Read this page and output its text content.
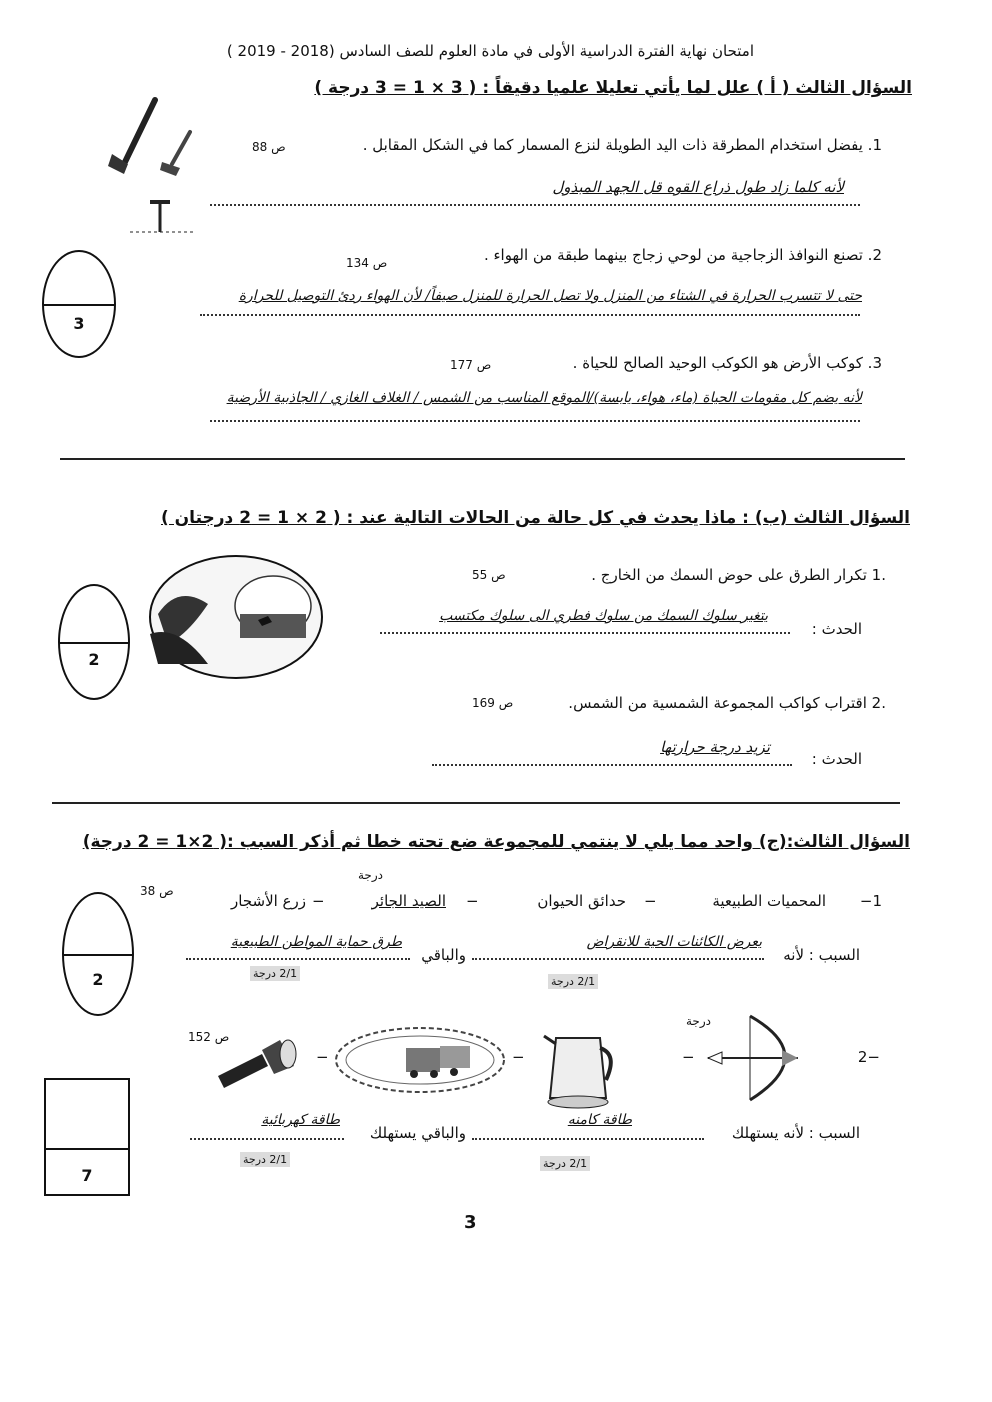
امتحان نهاية الفترة الدراسية الأولى في مادة العلوم للصف السادس (2018 - 2019 )
السؤال الثالث ( أ ) علل لما يأتي تعليلا علميا دقيقاً : ( 3 × 1 = 3 درجة )
1. يفضل استخدام المطرقة ذات اليد الطويلة لنزع المسمار كما في الشكل المقابل .
ص 88
لأنه كلما زاد طول ذراع القوه قل الجهد المبذول
2. تصنع النوافذ الزجاجية من لوحي زجاج بينهما طبقة من الهواء .
ص 134
حتى لا تتسرب الحرارة في الشتاء من المنزل ولا تصل الحرارة للمنزل صيفاً/ لأن الهواء ردئ التوصيل للحرارة
3
3. كوكب الأرض هو الكوكب الوحيد الصالح للحياة .
ص 177
لأنه يضم كل مقومات الحياة (ماء، هواء، يابسة)/الموقع المناسب من الشمس / الغلاف الغازي / الجاذبية الأرضية
السؤال الثالث (ب) : ماذا يحدث في كل حالة من الحالات التالية عند : ( 2 × 1 = 2 درجتان )
.1 تكرار الطرق على حوض السمك من الخارج .
ص 55
الحدث :
يتغير سلوك السمك من سلوك فطري الى سلوك مكتسب
2
.2 اقتراب كواكب المجموعة الشمسية من الشمس.
ص 169
الحدث :
تزيد درجة حرارتها
السؤال الثالث:(ج) واحد مما يلي لا ينتمي للمجموعة ضع تحته خطا ثم أذكر السبب :( 2×1 = 2 درجة)
درجة
1−
المحميات الطبيعية
−
حدائق الحيوان
−
الصيد الجائر
−
زرع الأشجار
ص 38
السبب : لأنه
يعرض الكائنات الحية للانقراض
والباقي
طرق حماية المواطن الطبيعية
2/1 درجة
2/1 درجة
2
درجة
−2
−
−
−
ص 152
السبب : لأنه يستهلك
طاقة كامنه
والباقي يستهلك
طاقة كهربائية
2/1 درجة
2/1 درجة
7
3
